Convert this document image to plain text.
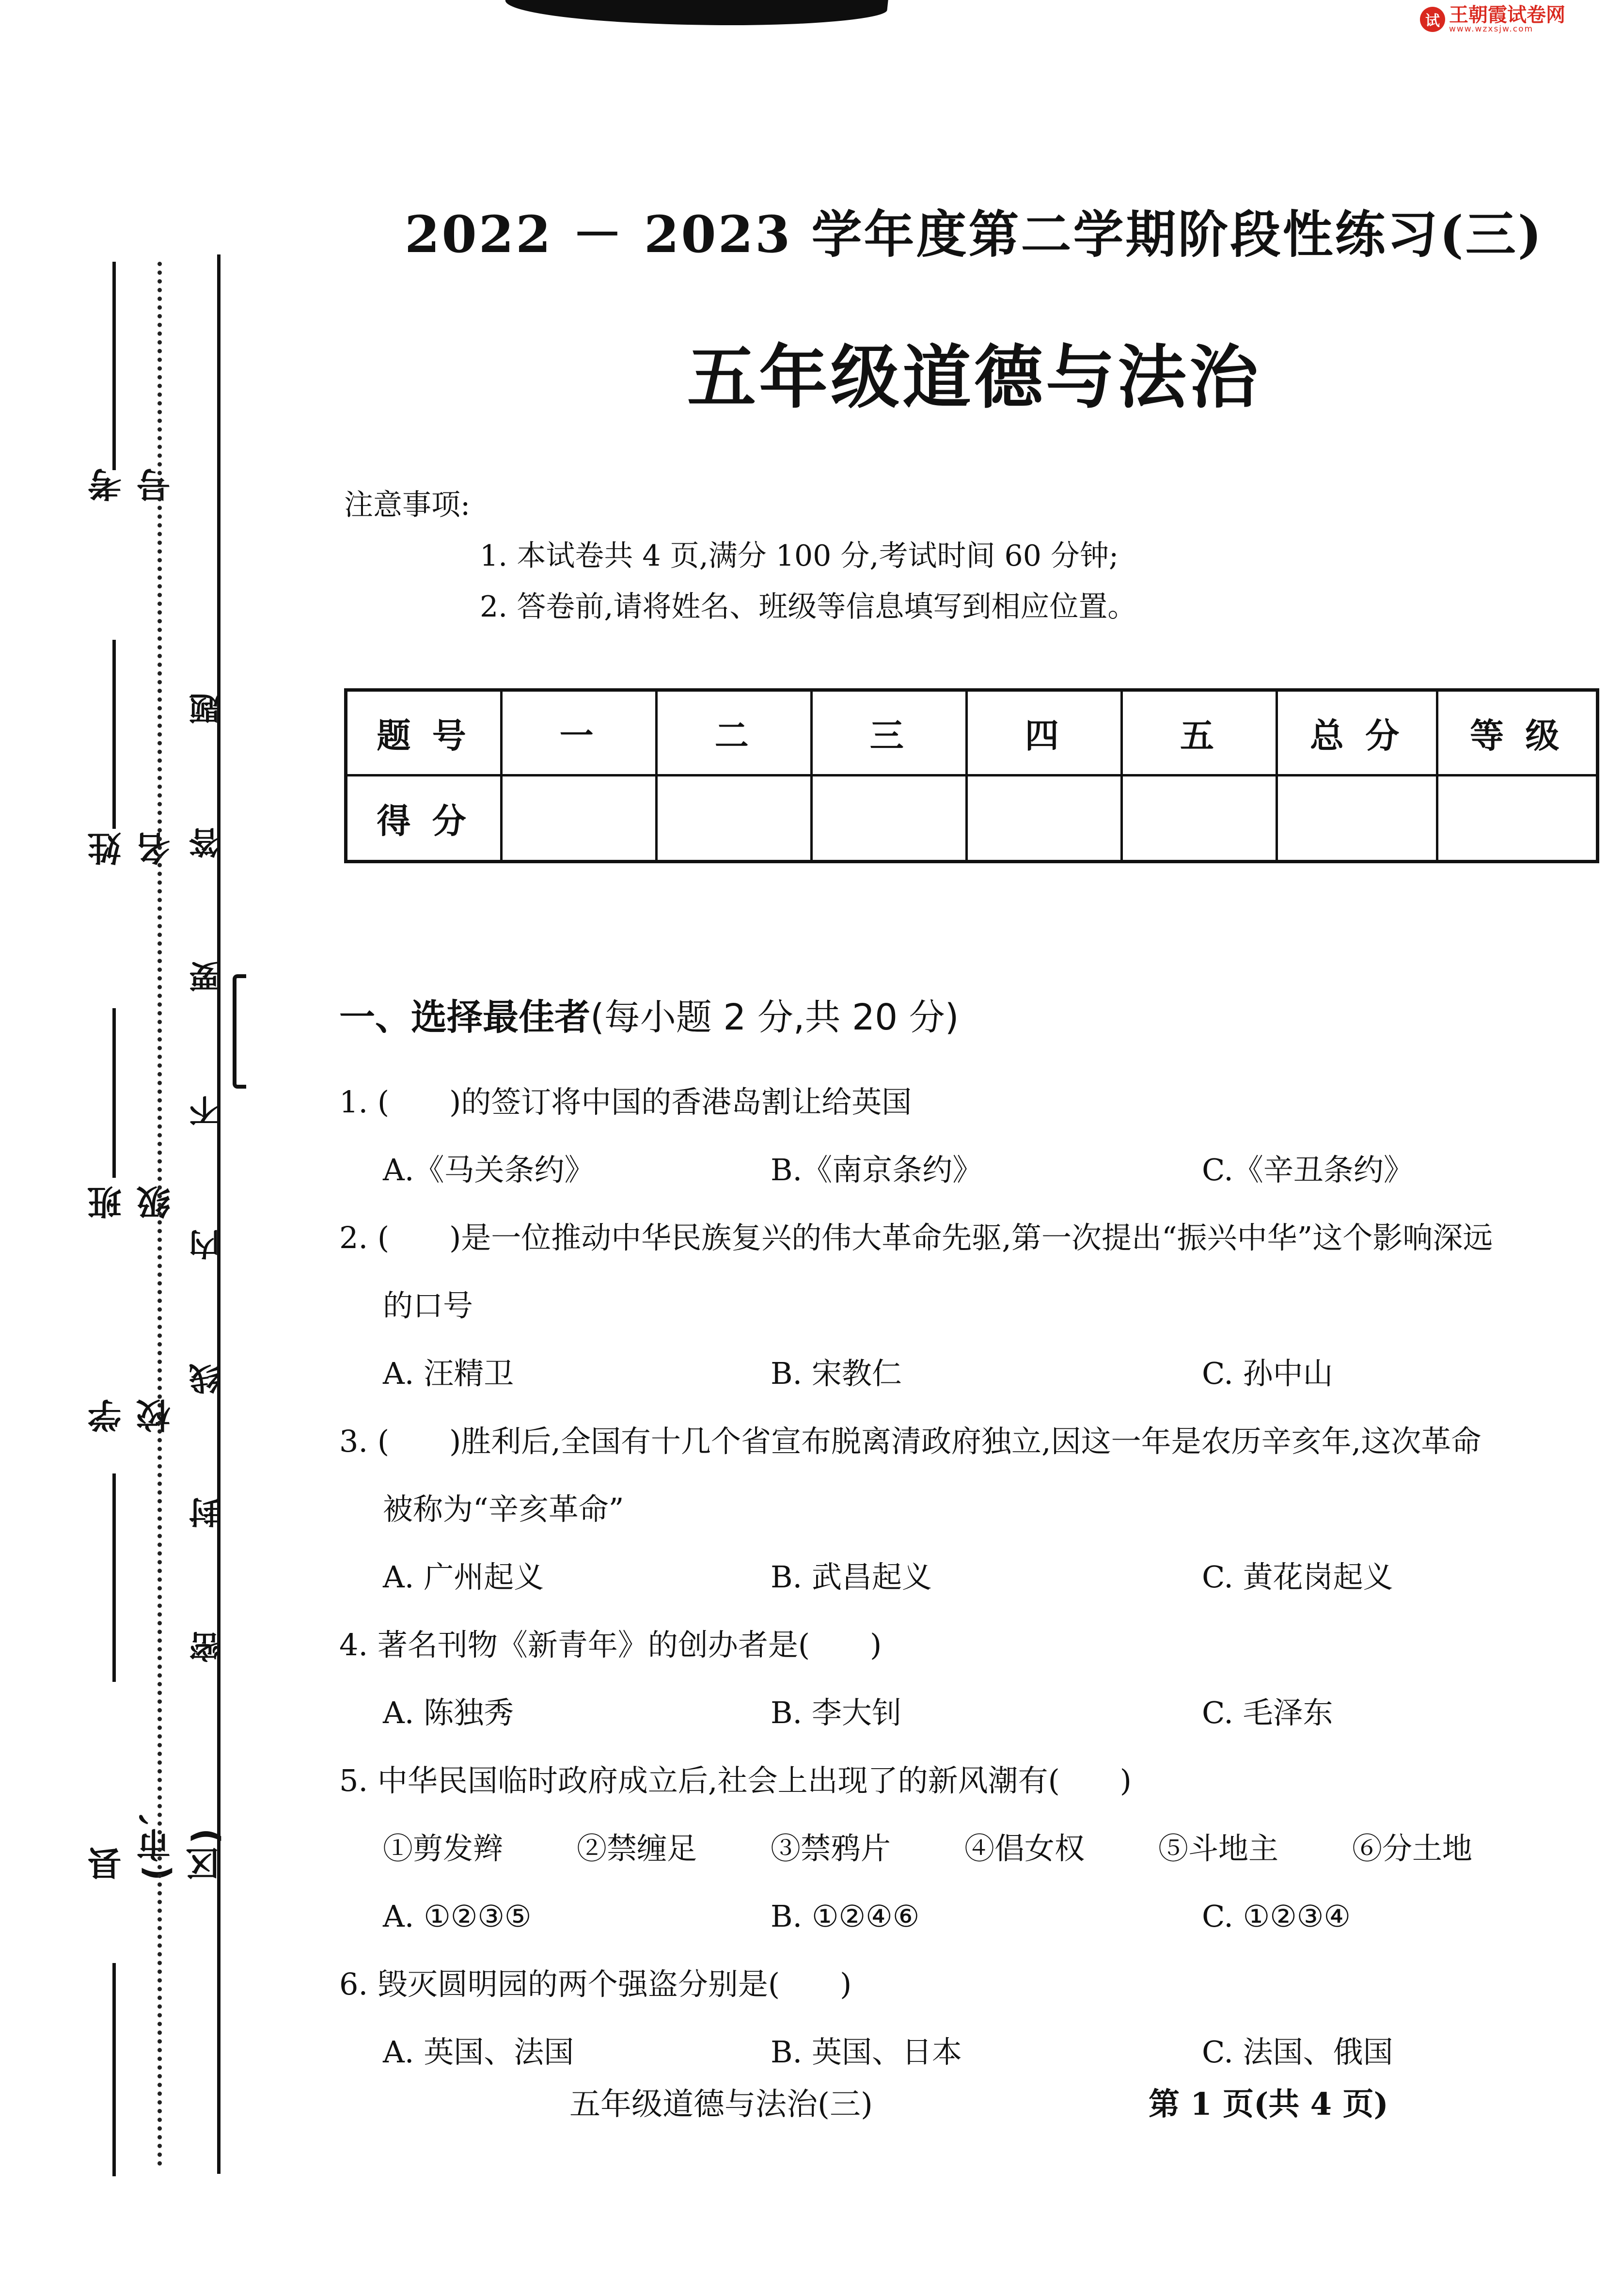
试 王朝霞试卷网
www.wzxsjw.com
考号
姓名
班级
学校
县(市、区)
密
封
线
内
不
要
答
题
2022 － 2023 学年度第二学期阶段性练习(三)
五年级道德与法治
注意事项:
1. 本试卷共 4 页,满分 100 分,考试时间 60 分钟;
2. 答卷前,请将姓名、班级等信息填写到相应位置。
题 号	一	二	三	四	五	总 分	等 级
得 分							
一、选择最佳者(每小题 2 分,共 20 分)
1. (　　)的签订将中国的香港岛割让给英国
A.《马关条约》	B.《南京条约》	C.《辛丑条约》
2. (　　)是一位推动中华民族复兴的伟大革命先驱,第一次提出“振兴中华”这个影响深远
的口号
A. 汪精卫	B. 宋教仁	C. 孙中山
3. (　　)胜利后,全国有十几个省宣布脱离清政府独立,因这一年是农历辛亥年,这次革命
被称为“辛亥革命”
A. 广州起义	B. 武昌起义	C. 黄花岗起义
4. 著名刊物《新青年》的创办者是(　　)
A. 陈独秀	B. 李大钊	C. 毛泽东
5. 中华民国临时政府成立后,社会上出现了的新风潮有(　　)
①剪发辫	②禁缠足	③禁鸦片	④倡女权	⑤斗地主	⑥分土地
A. ①②③⑤	B. ①②④⑥	C. ①②③④
6. 毁灭圆明园的两个强盗分别是(　　)
A. 英国、法国	B. 英国、日本	C. 法国、俄国
五年级道德与法治(三)	第 1 页(共 4 页)
